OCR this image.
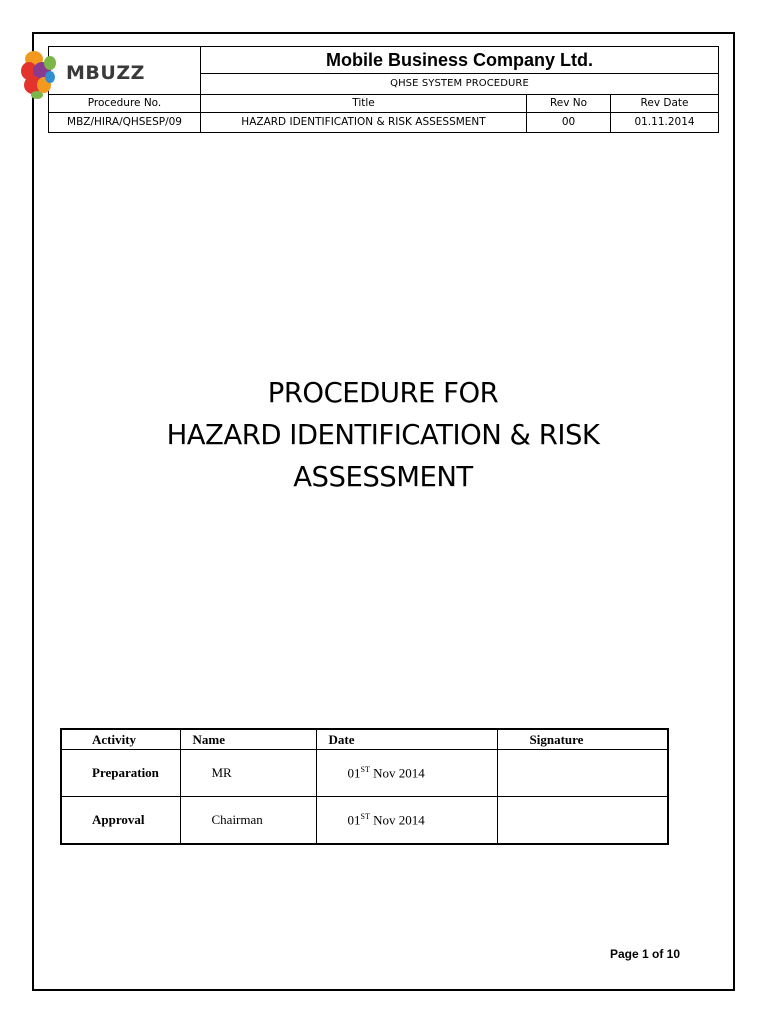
MBUZZ	Mobile Business Company Ltd.		
	QHSE SYSTEM PROCEDURE		
Procedure No.	Title	Rev No	Rev Date
MBZ/HIRA/QHSESP/09	HAZARD IDENTIFICATION & RISK ASSESSMENT	00	01.11.2014
PROCEDURE FOR
HAZARD IDENTIFICATION & RISK
ASSESSMENT
Activity	Name	Date	Signature
Preparation	MR	01ST Nov 2014	
Approval	Chairman	01ST Nov 2014	
Page 1 of 10
